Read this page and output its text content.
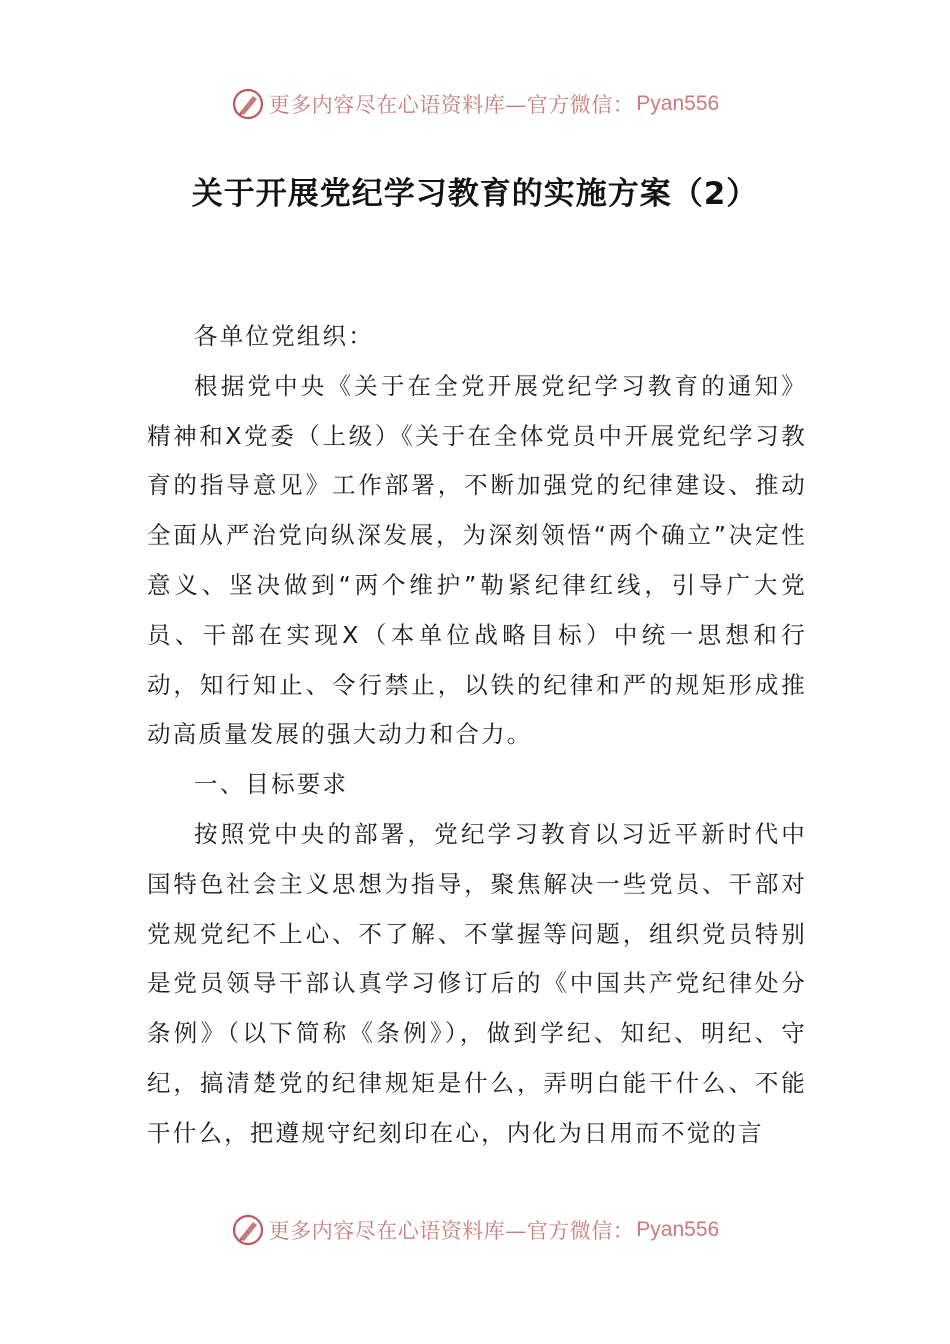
更多内容尽在心语资料库—官方微信： Pyan556
关于开展党纪学习教育的实施方案（2）

各单位党组织：

根据党中央《关于在全党开展党纪学习教育的通知》精神和X党委（上级）《关于在全体党员中开展党纪学习教育的指导意见》工作部署，不断加强党的纪律建设、推动全面从严治党向纵深发展，为深刻领悟“两个确立”决定性意义、坚决做到“两个维护”勒紧纪律红线，引导广大党员、干部在实现X（本单位战略目标）中统一思想和行动，知行知止、令行禁止，以铁的纪律和严的规矩形成推动高质量发展的强大动力和合力。

一、目标要求

按照党中央的部署，党纪学习教育以习近平新时代中国特色社会主义思想为指导，聚焦解决一些党员、干部对党规党纪不上心、不了解、不掌握等问题，组织党员特别是党员领导干部认真学习修订后的《中国共产党纪律处分条例》（以下简称《条例》），做到学纪、知纪、明纪、守纪，搞清楚党的纪律规矩是什么，弄明白能干什么、不能干什么，把遵规守纪刻印在心，内化为日用而不觉的言

更多内容尽在心语资料库—官方微信： Pyan556
